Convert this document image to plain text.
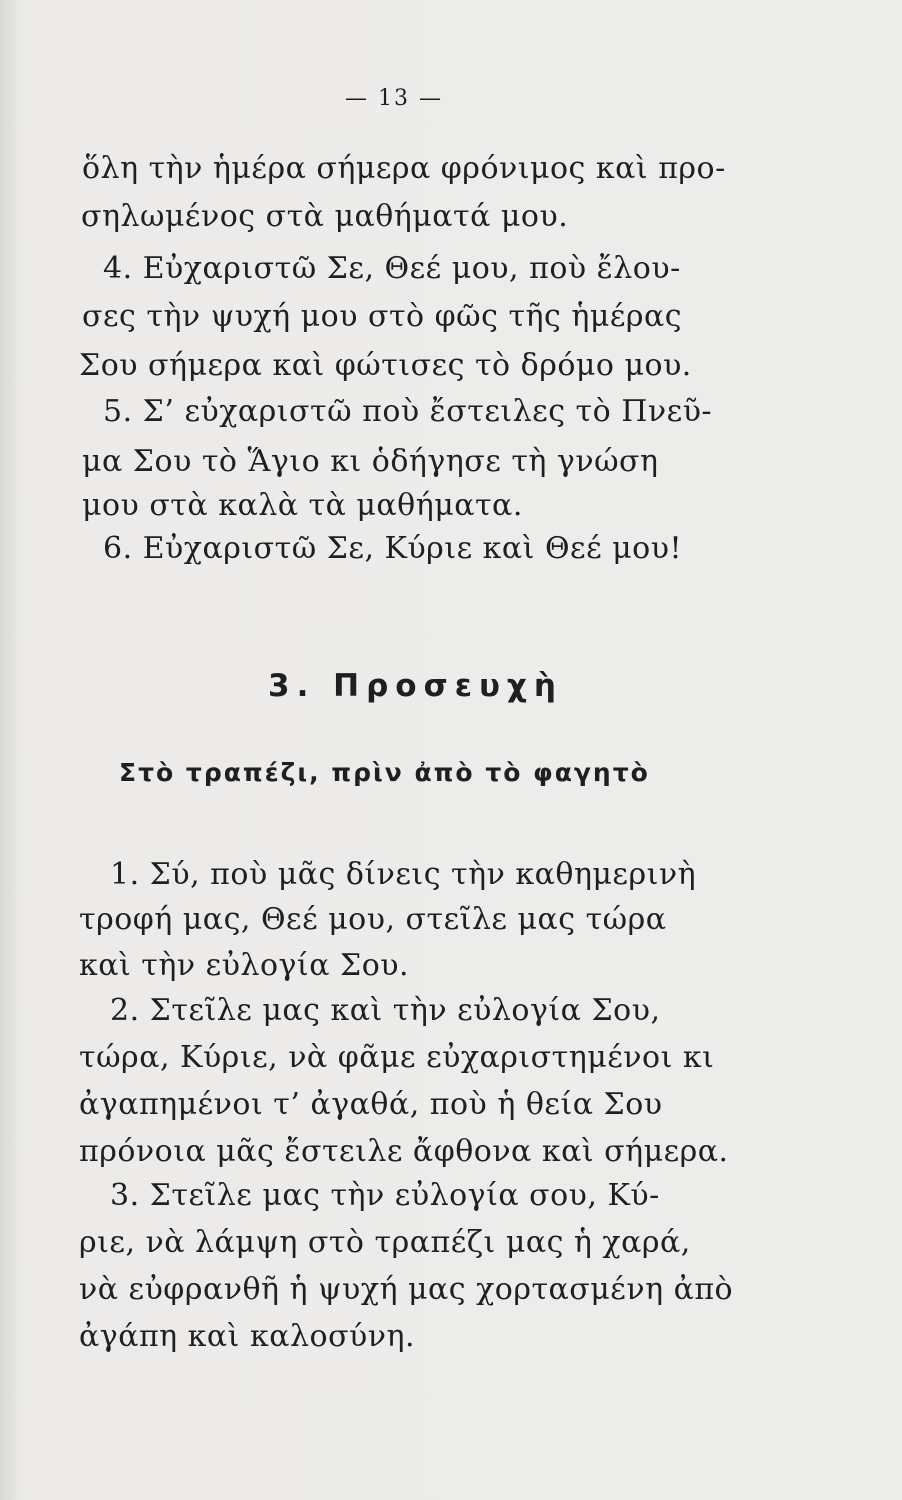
— 13 —
ὅλη τὴν ἡμέρα σήμερα φρόνιμος καὶ προ-
σηλωμένος στὰ μαθήματά μου.
4. Εὐχαριστῶ Σε, Θεέ μου, ποὺ ἔλου-
σες τὴν ψυχή μου στὸ φῶς τῆς ἡμέρας
Σου σήμερα καὶ φώτισες τὸ δρόμο μου.
5. Σ’ εὐχαριστῶ ποὺ ἔστειλες τὸ Πνεῦ-
μα Σου τὸ Ἅγιο κι ὁδήγησε τὴ γνώση
μου στὰ καλὰ τὰ μαθήματα.
6. Εὐχαριστῶ Σε, Κύριε καὶ Θεέ μου!
3. Προσευχὴ
Στὸ τραπέζι, πρὶν ἀπὸ τὸ φαγητὸ
1. Σύ, ποὺ μᾶς δίνεις τὴν καθημερινὴ
τροφή μας, Θεέ μου, στεῖλε μας τώρα
καὶ τὴν εὐλογία Σου.
2. Στεῖλε μας καὶ τὴν εὐλογία Σου,
τώρα, Κύριε, νὰ φᾶμε εὐχαριστημένοι κι
ἀγαπημένοι τ’ ἀγαθά, ποὺ ἡ θεία Σου
πρόνοια μᾶς ἔστειλε ἄφθονα καὶ σήμερα.
3. Στεῖλε μας τὴν εὐλογία σου, Κύ-
ριε, νὰ λάμψη στὸ τραπέζι μας ἡ χαρά,
νὰ εὐφρανθῆ ἡ ψυχή μας χορτασμένη ἀπὸ
ἀγάπη καὶ καλοσύνη.
